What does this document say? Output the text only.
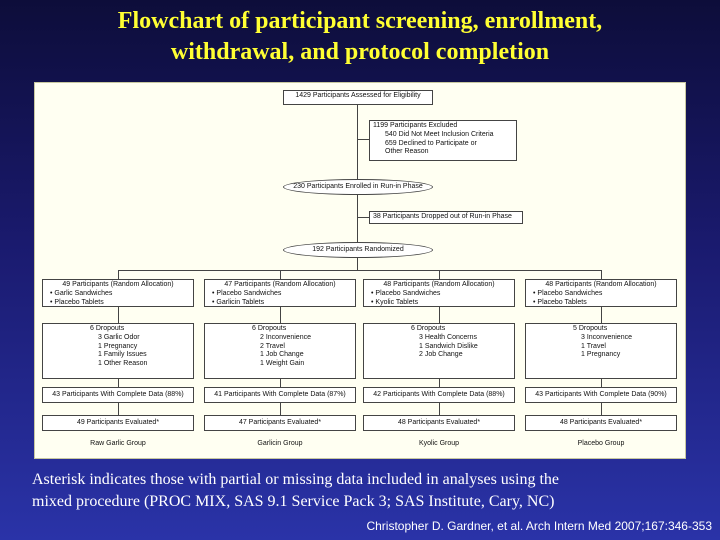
Flowchart of participant screening, enrollment,
withdrawal, and protocol completion
1429 Participants Assessed for Eligibility
1199 Participants Excluded
540 Did Not Meet Inclusion Criteria
659 Declined to Participate or
Other Reason
230 Participants Enrolled in Run-in Phase
38 Participants Dropped out of Run-in Phase
192 Participants Randomized
49 Participants (Random Allocation)
• Garlic Sandwiches
• Placebo Tablets
6 Dropouts
3 Garlic Odor
1 Pregnancy
1 Family Issues
1 Other Reason
43 Participants With Complete Data (88%)
49 Participants Evaluated*
Raw Garlic Group
47 Participants (Random Allocation)
• Placebo Sandwiches
• Garlicin Tablets
6 Dropouts
2 Inconvenience
2 Travel
1 Job Change
1 Weight Gain
41 Participants With Complete Data (87%)
47 Participants Evaluated*
Garlicin Group
48 Participants (Random Allocation)
• Placebo Sandwiches
• Kyolic Tablets
6 Dropouts
3 Health Concerns
1 Sandwich Dislike
2 Job Change
42 Participants With Complete Data (88%)
48 Participants Evaluated*
Kyolic Group
48 Participants (Random Allocation)
• Placebo Sandwiches
• Placebo Tablets
5 Dropouts
3 Inconvenience
1 Travel
1 Pregnancy
43 Participants With Complete Data (90%)
48 Participants Evaluated*
Placebo Group
Asterisk indicates those with partial or missing data included in analyses using the
mixed procedure (PROC MIX, SAS 9.1 Service Pack 3; SAS Institute, Cary, NC)
Christopher D. Gardner, et al. Arch Intern Med 2007;167:346-353
